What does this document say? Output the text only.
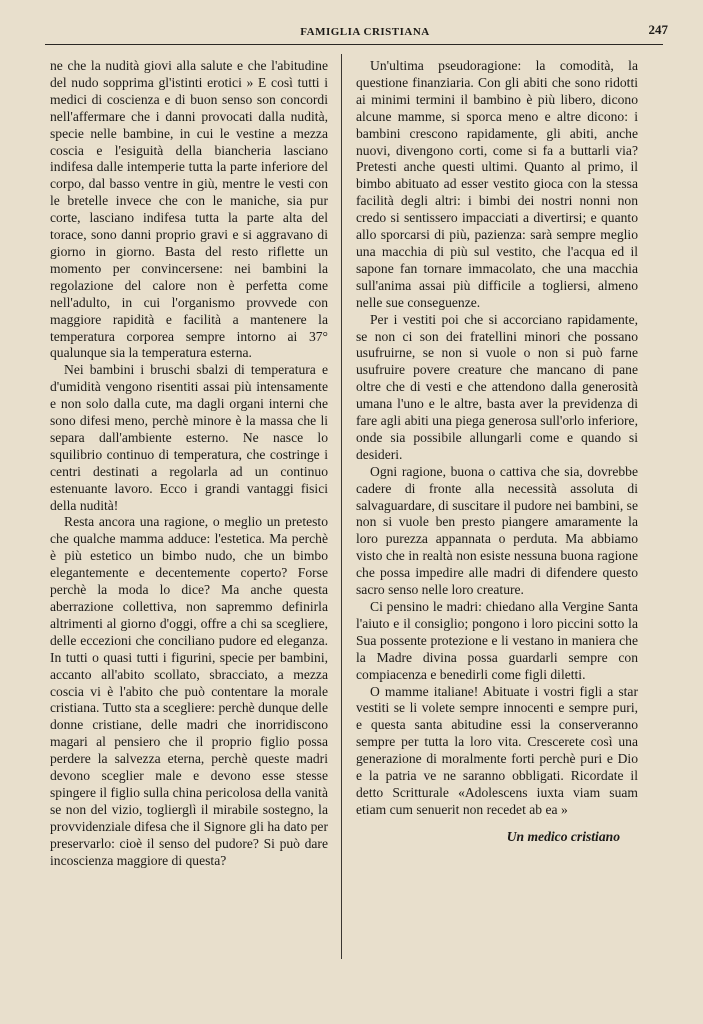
FAMIGLIA CRISTIANA	247

ne che la nudità giovi alla salute e che l'abitudine del nudo sopprima gl'istinti erotici » E così tutti i medici di coscienza e di buon senso son concordi nell'affermare che i danni provocati dalla nudità, specie nelle bambine, in cui le vestine a mezza coscia e l'esiguità della biancheria lasciano indifesa dalle intemperie tutta la parte inferiore del corpo, dal basso ventre in giù, mentre le vesti con le bretelle invece che con le maniche, sia pur corte, lasciano indifesa tutta la parte alta del torace, sono danni proprio gravi e si aggravano di giorno in giorno. Basta del resto riflette un momento per convincersene: nei bambini la regolazione del calore non è perfetta come nell'adulto, in cui l'organismo provvede con maggiore rapidità e facilità a mantenere la temperatura corporea sempre intorno ai 37° qualunque sia la temperatura esterna.

Nei bambini i bruschi sbalzi di temperatura e d'umidità vengono risentiti assai più intensamente e non solo dalla cute, ma dagli organi interni che sono difesi meno, perchè minore è la massa che li separa dall'ambiente esterno. Ne nasce lo squilibrio continuo di temperatura, che costringe i centri destinati a regolarla ad un continuo estenuante lavoro. Ecco i grandi vantaggi fisici della nudità!

Resta ancora una ragione, o meglio un pretesto che qualche mamma adduce: l'estetica. Ma perchè è più estetico un bimbo nudo, che un bimbo elegantemente e decentemente coperto? Forse perchè la moda lo dice? Ma anche questa aberrazione collettiva, non sapremmo definirla altrimenti al giorno d'oggi, offre a chi sa scegliere, delle eccezioni che conciliano pudore ed eleganza. In tutti o quasi tutti i figurini, specie per bambini, accanto all'abito scollato, sbracciato, a mezza coscia vi è l'abito che può contentare la morale cristiana. Tutto sta a scegliere: perchè dunque delle donne cristiane, delle madri che inorridiscono magari al pensiero che il proprio figlio possa perdere la salvezza eterna, perchè queste madri devono sceglier male e devono esse stesse spingere il figlio sulla china pericolosa della vanità se non del vizio, toglierglì il mirabile sostegno, la provvidenziale difesa che il Signore gli ha dato per preservarlo: cioè il senso del pudore? Si può dare incoscienza maggiore di questa?

Un'ultima pseudoragione: la comodità, la questione finanziaria. Con gli abiti che sono ridotti ai minimi termini il bambino è più libero, dicono alcune mamme, si sporca meno e altre dicono: i bambini crescono rapidamente, gli abiti, anche nuovi, divengono corti, come si fa a buttarli via? Pretesti anche questi ultimi. Quanto al primo, il bimbo abituato ad esser vestito gioca con la stessa facilità degli altri: i bimbi dei nostri nonni non credo si sentissero impacciati a divertirsi; e quanto allo sporcarsi di più, pazienza: sarà sempre meglio una macchia di più sul vestito, che l'acqua ed il sapone fan tornare immacolato, che una macchia sull'anima assai più difficile a togliersi, almeno nelle sue conseguenze.

Per i vestiti poi che si accorciano rapidamente, se non ci son dei fratellini minori che possano usufruirne, se non si vuole o non si può farne usufruire povere creature che mancano di pane oltre che di vesti e che attendono dalla generosità umana l'uno e le altre, basta aver la previdenza di fare agli abiti una piega generosa sull'orlo inferiore, onde sia possibile allungarli come e quando si desideri.

Ogni ragione, buona o cattiva che sia, dovrebbe cadere di fronte alla necessità assoluta di salvaguardare, di suscitare il pudore nei bambini, se non si vuole ben presto piangere amaramente la loro purezza appannata o perduta. Ma abbiamo visto che in realtà non esiste nessuna buona ragione che possa impedire alle madri di difendere questo sacro senso nelle loro creature.

Ci pensino le madri: chiedano alla Vergine Santa l'aiuto e il consiglio; pongono i loro piccini sotto la Sua possente protezione e li vestano in maniera che la Madre divina possa guardarli sempre con compiacenza e benedirli come figli diletti.

O mamme italiane! Abituate i vostri figli a star vestiti se li volete sempre innocenti e sempre puri, e questa santa abitudine essi la conserveranno sempre per tutta la loro vita. Crescerete così una generazione di moralmente forti perchè puri e Dio e la patria ve ne saranno obbligati. Ricordate il detto Scritturale «Adolescens iuxta viam suam etiam cum senuerit non recedet ab ea »

Un medico cristiano
